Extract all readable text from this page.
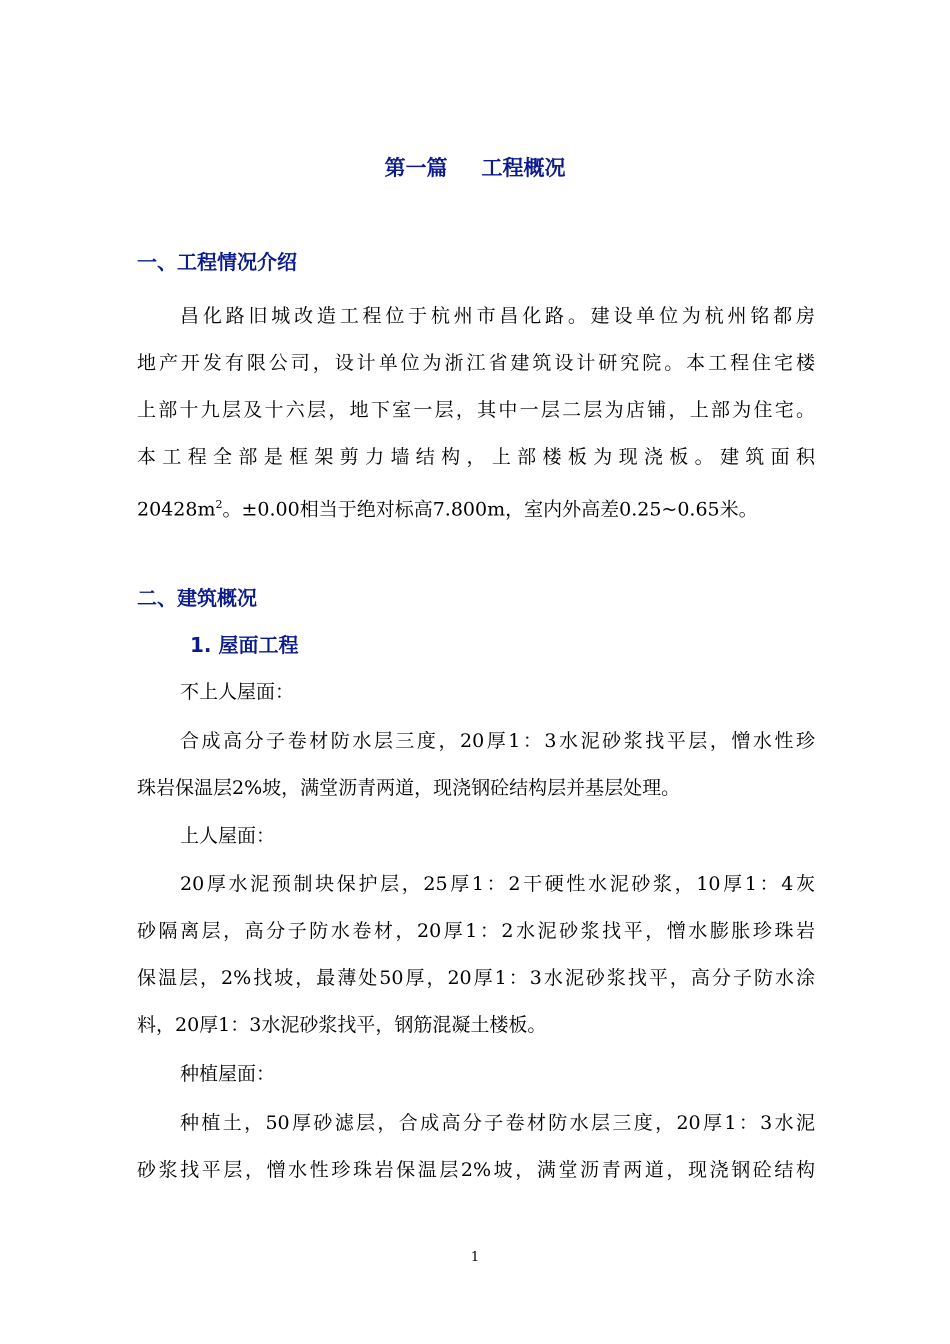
第一篇 工程概况
一、工程情况介绍
昌化路旧城改造工程位于杭州市昌化路。建设单位为杭州铭都房
地产开发有限公司，设计单位为浙江省建筑设计研究院。本工程住宅楼
上部十九层及十六层，地下室一层，其中一层二层为店铺，上部为住宅。
本工程全部是框架剪力墙结构，上部楼板为现浇板。建筑面积
$20428m^2$。±0.00相当于绝对标高7.800m，室内外高差0.25~0.65米。
二、建筑概况
1. 屋面工程
不上人屋面：
合成高分子卷材防水层三度，20厚1：3水泥砂浆找平层，憎水性珍
珠岩保温层2%坡，满堂沥青两道，现浇钢砼结构层并基层处理。
上人屋面：
20厚水泥预制块保护层，25厚1：2干硬性水泥砂浆，10厚1：4灰
砂隔离层，高分子防水卷材，20厚1：2水泥砂浆找平，憎水膨胀珍珠岩
保温层，2%找坡，最薄处50厚，20厚1：3水泥砂浆找平，高分子防水涂
料，20厚1：3水泥砂浆找平，钢筋混凝土楼板。
种植屋面：
种植土，50厚砂滤层，合成高分子卷材防水层三度，20厚1：3水泥
砂浆找平层，憎水性珍珠岩保温层2%坡，满堂沥青两道，现浇钢砼结构
1
